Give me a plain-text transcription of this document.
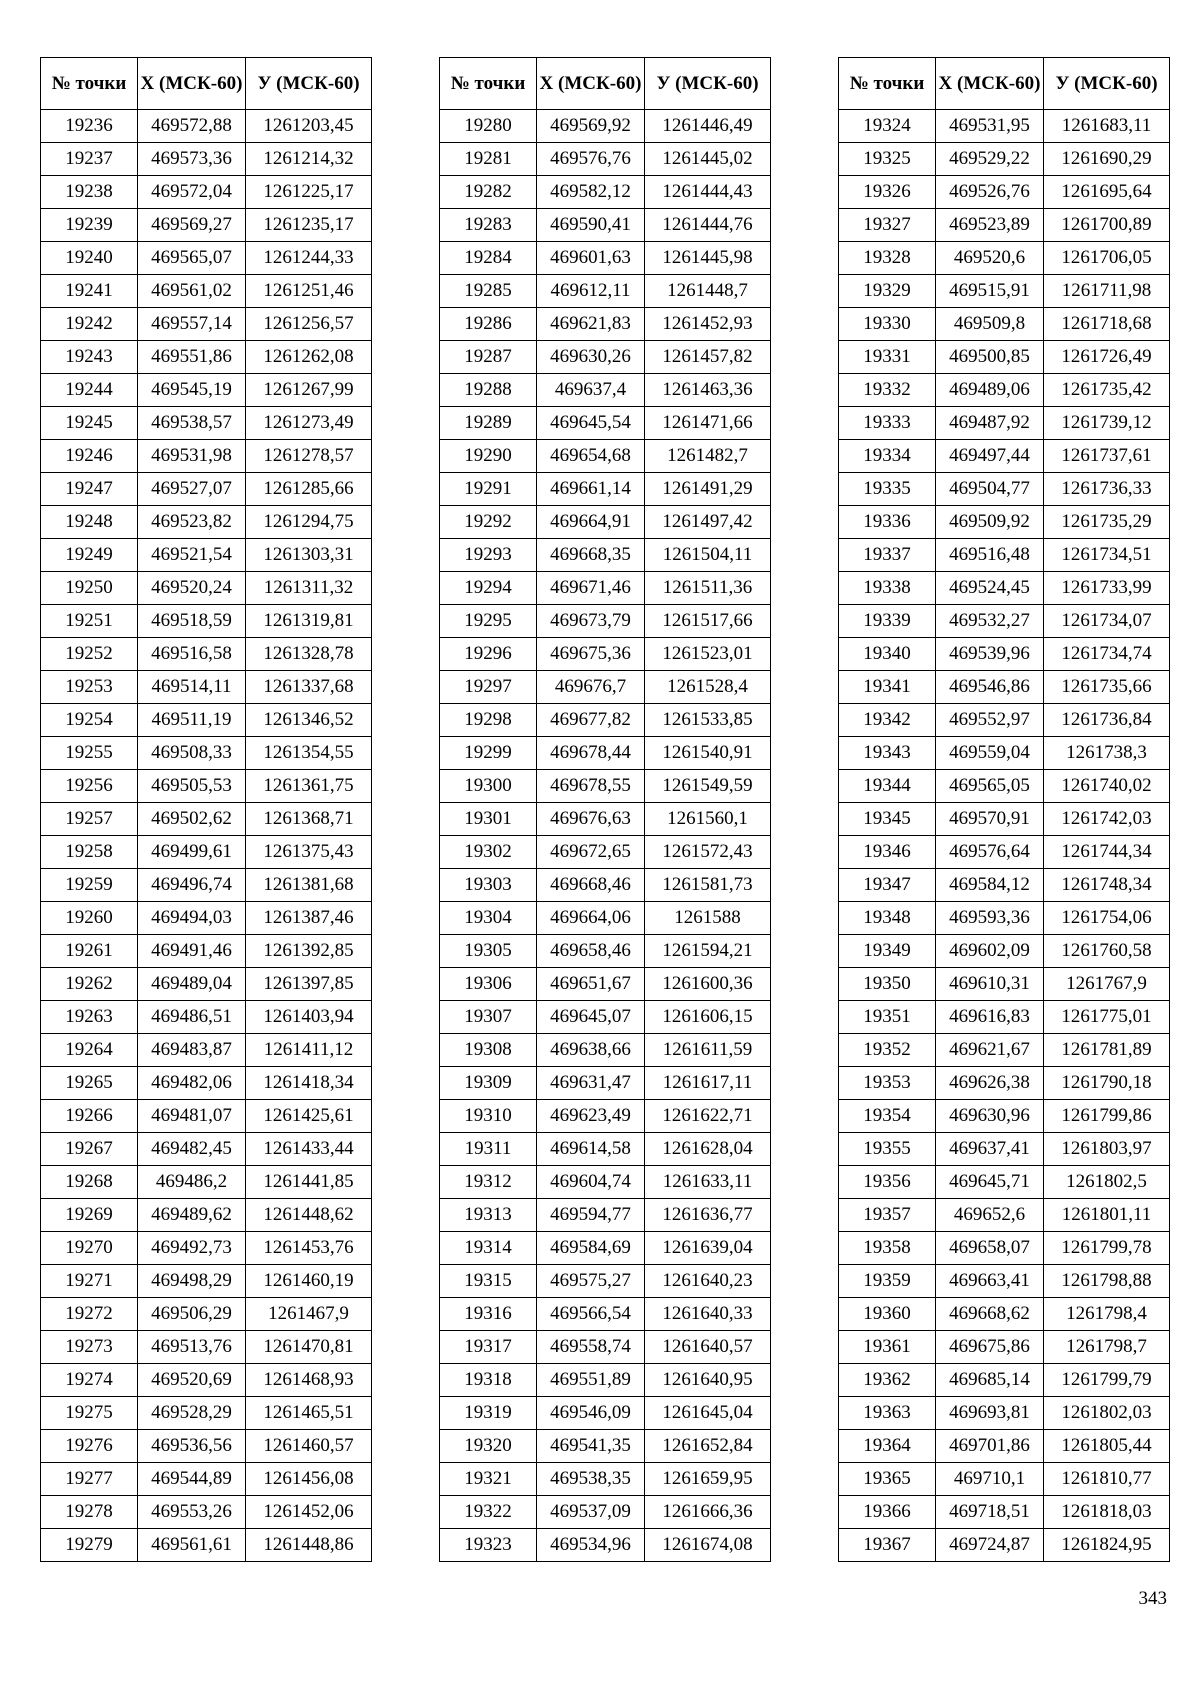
№ точки	Х (МСК-60)	У (МСК-60)
19236	469572,88	1261203,45
19237	469573,36	1261214,32
19238	469572,04	1261225,17
19239	469569,27	1261235,17
19240	469565,07	1261244,33
19241	469561,02	1261251,46
19242	469557,14	1261256,57
19243	469551,86	1261262,08
19244	469545,19	1261267,99
19245	469538,57	1261273,49
19246	469531,98	1261278,57
19247	469527,07	1261285,66
19248	469523,82	1261294,75
19249	469521,54	1261303,31
19250	469520,24	1261311,32
19251	469518,59	1261319,81
19252	469516,58	1261328,78
19253	469514,11	1261337,68
19254	469511,19	1261346,52
19255	469508,33	1261354,55
19256	469505,53	1261361,75
19257	469502,62	1261368,71
19258	469499,61	1261375,43
19259	469496,74	1261381,68
19260	469494,03	1261387,46
19261	469491,46	1261392,85
19262	469489,04	1261397,85
19263	469486,51	1261403,94
19264	469483,87	1261411,12
19265	469482,06	1261418,34
19266	469481,07	1261425,61
19267	469482,45	1261433,44
19268	469486,2	1261441,85
19269	469489,62	1261448,62
19270	469492,73	1261453,76
19271	469498,29	1261460,19
19272	469506,29	1261467,9
19273	469513,76	1261470,81
19274	469520,69	1261468,93
19275	469528,29	1261465,51
19276	469536,56	1261460,57
19277	469544,89	1261456,08
19278	469553,26	1261452,06
19279	469561,61	1261448,86
№ точки	Х (МСК-60)	У (МСК-60)
19280	469569,92	1261446,49
19281	469576,76	1261445,02
19282	469582,12	1261444,43
19283	469590,41	1261444,76
19284	469601,63	1261445,98
19285	469612,11	1261448,7
19286	469621,83	1261452,93
19287	469630,26	1261457,82
19288	469637,4	1261463,36
19289	469645,54	1261471,66
19290	469654,68	1261482,7
19291	469661,14	1261491,29
19292	469664,91	1261497,42
19293	469668,35	1261504,11
19294	469671,46	1261511,36
19295	469673,79	1261517,66
19296	469675,36	1261523,01
19297	469676,7	1261528,4
19298	469677,82	1261533,85
19299	469678,44	1261540,91
19300	469678,55	1261549,59
19301	469676,63	1261560,1
19302	469672,65	1261572,43
19303	469668,46	1261581,73
19304	469664,06	1261588
19305	469658,46	1261594,21
19306	469651,67	1261600,36
19307	469645,07	1261606,15
19308	469638,66	1261611,59
19309	469631,47	1261617,11
19310	469623,49	1261622,71
19311	469614,58	1261628,04
19312	469604,74	1261633,11
19313	469594,77	1261636,77
19314	469584,69	1261639,04
19315	469575,27	1261640,23
19316	469566,54	1261640,33
19317	469558,74	1261640,57
19318	469551,89	1261640,95
19319	469546,09	1261645,04
19320	469541,35	1261652,84
19321	469538,35	1261659,95
19322	469537,09	1261666,36
19323	469534,96	1261674,08
№ точки	Х (МСК-60)	У (МСК-60)
19324	469531,95	1261683,11
19325	469529,22	1261690,29
19326	469526,76	1261695,64
19327	469523,89	1261700,89
19328	469520,6	1261706,05
19329	469515,91	1261711,98
19330	469509,8	1261718,68
19331	469500,85	1261726,49
19332	469489,06	1261735,42
19333	469487,92	1261739,12
19334	469497,44	1261737,61
19335	469504,77	1261736,33
19336	469509,92	1261735,29
19337	469516,48	1261734,51
19338	469524,45	1261733,99
19339	469532,27	1261734,07
19340	469539,96	1261734,74
19341	469546,86	1261735,66
19342	469552,97	1261736,84
19343	469559,04	1261738,3
19344	469565,05	1261740,02
19345	469570,91	1261742,03
19346	469576,64	1261744,34
19347	469584,12	1261748,34
19348	469593,36	1261754,06
19349	469602,09	1261760,58
19350	469610,31	1261767,9
19351	469616,83	1261775,01
19352	469621,67	1261781,89
19353	469626,38	1261790,18
19354	469630,96	1261799,86
19355	469637,41	1261803,97
19356	469645,71	1261802,5
19357	469652,6	1261801,11
19358	469658,07	1261799,78
19359	469663,41	1261798,88
19360	469668,62	1261798,4
19361	469675,86	1261798,7
19362	469685,14	1261799,79
19363	469693,81	1261802,03
19364	469701,86	1261805,44
19365	469710,1	1261810,77
19366	469718,51	1261818,03
19367	469724,87	1261824,95
343
